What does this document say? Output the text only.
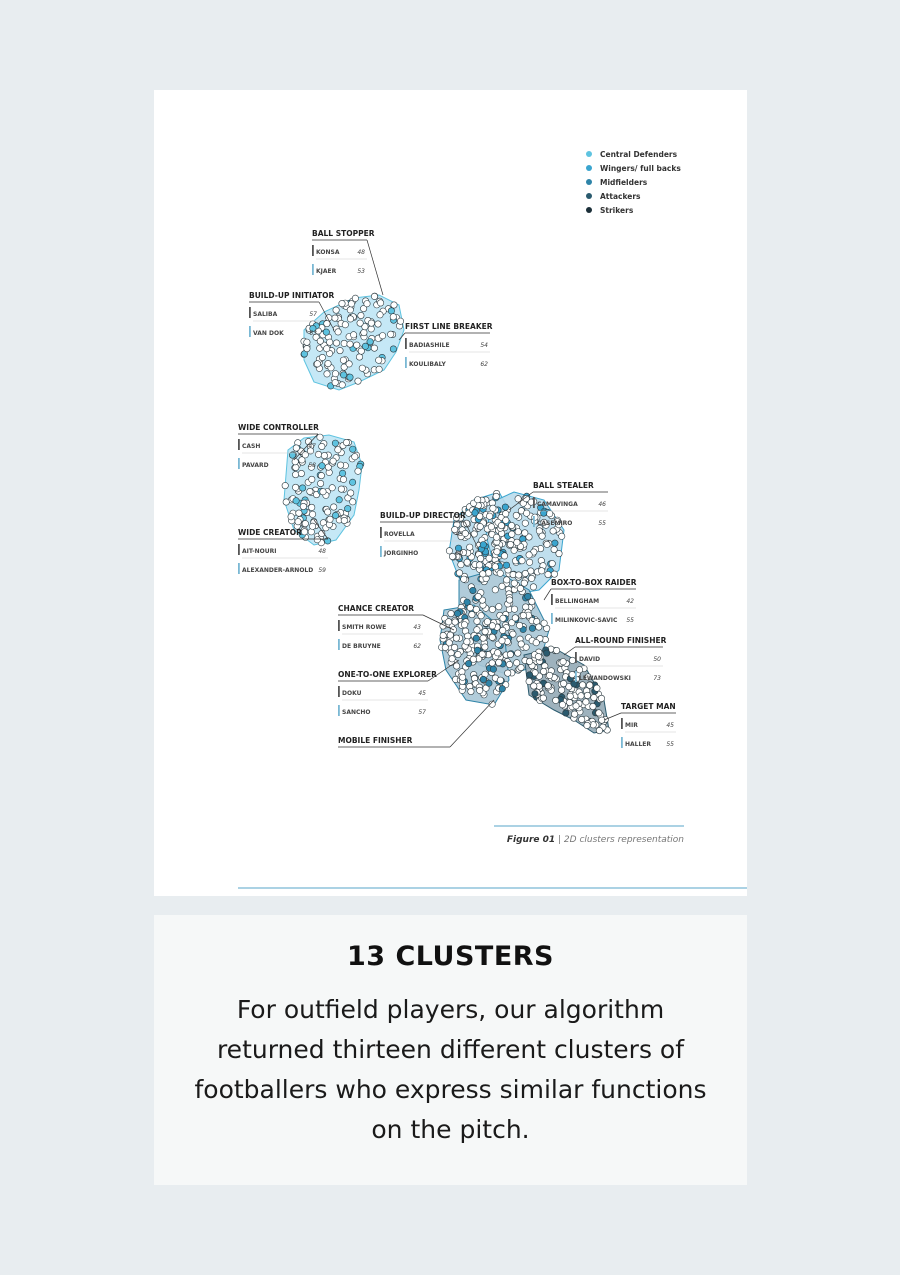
BALL STOPPER
KONSA	48
KJAER	53
BUILD-UP INITIATOR
SALIBA	57
VAN DOK	63
FIRST LINE BREAKER
BADIASHILE	54
KOULIBALY	62
WIDE CONTROLLER
CASH	47
PAVARD	58
WIDE CREATOR
AIT-NOURI	48
ALEXANDER-ARNOLD 59
BALL STEALER
CAMAVINGA	46
CASEMIRO	55
BUILD-UP DIRECTOR
ROVELLA	43
JORGINHO	60
BOX-TO-BOX RAIDER
BELLINGHAM	42
MILINKOVIC-SAVIC 55
CHANCE CREATOR
SMITH ROWE	43
DE BRUYNE	62
ALL-ROUND FINISHER
DAVID	50
LEWANDOWSKI	73
ONE-TO-ONE EXPLORER
DOKU	45
SANCHO	57
TARGET MAN
MIR	45
HALLER	55
MOBILE FINISHER
Central Defenders
Wingers/ full backs
Midfielders
Attackers
Strikers
Figure 01 | 2D clusters representation
13 CLUSTERS

For outfield players, our algorithm returned thirteen different clusters of footballers who express similar functions on the pitch.
